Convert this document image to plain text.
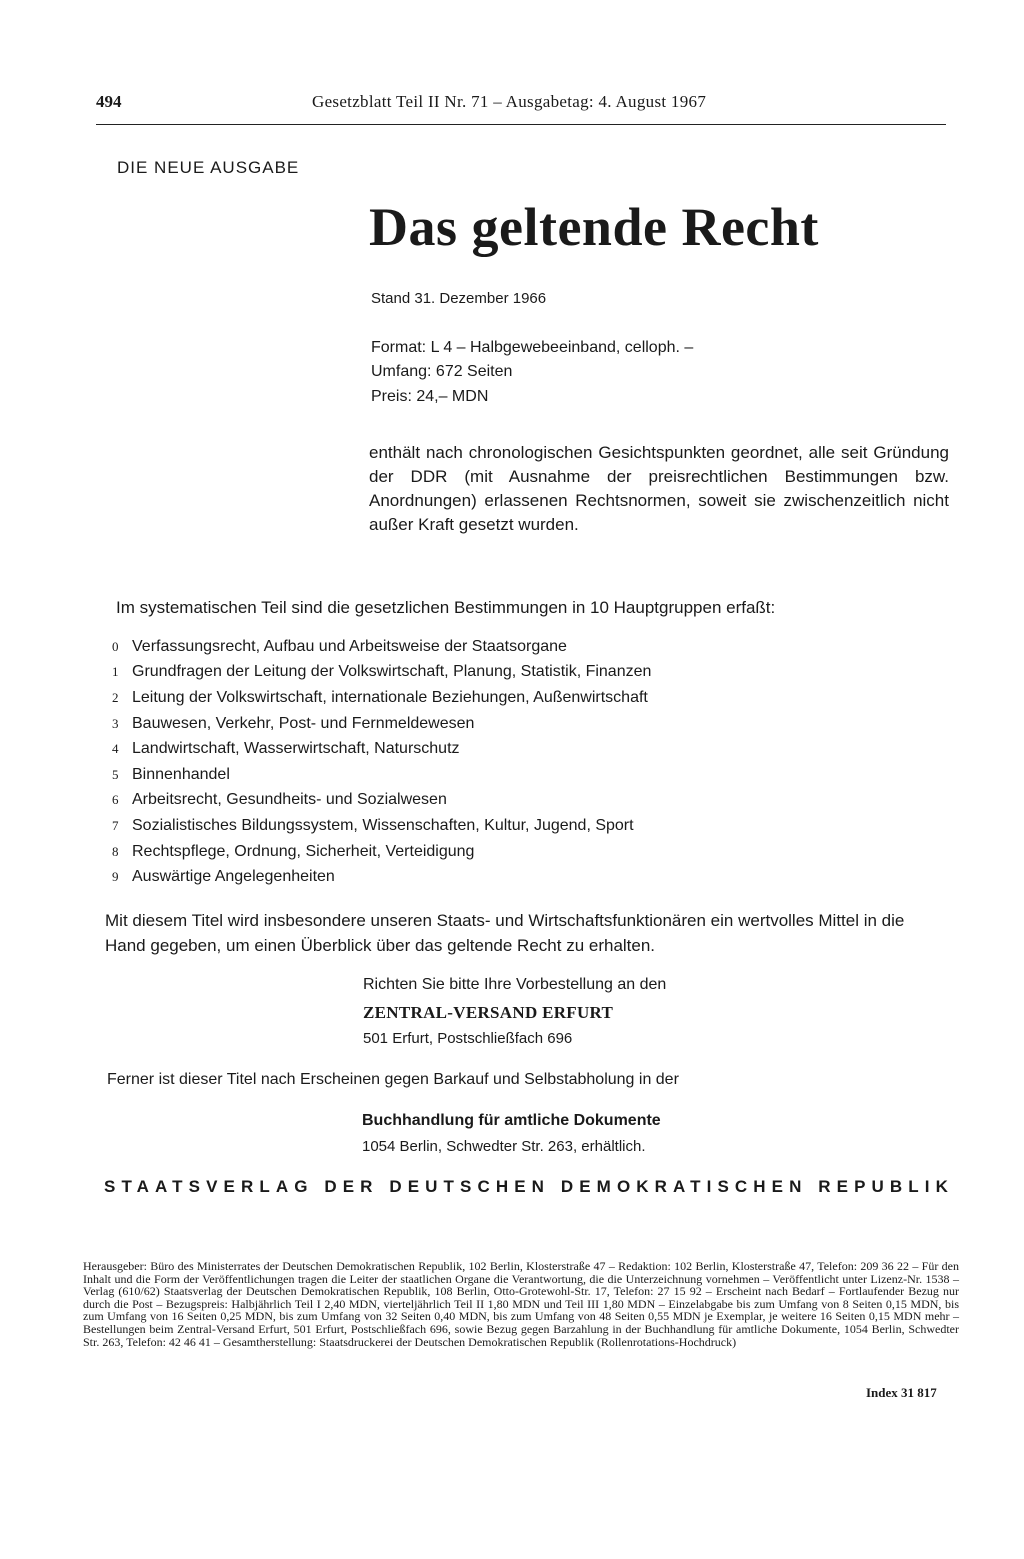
494	Gesetzblatt Teil II Nr. 71 – Ausgabetag: 4. August 1967
DIE NEUE AUSGABE
Das geltende Recht
Stand 31. Dezember 1966
Format: L 4 – Halbgewebeeinband, celloph. –
Umfang: 672 Seiten
Preis: 24,– MDN
enthält nach chronologischen Gesichtspunkten geordnet, alle seit Gründung der DDR (mit Ausnahme der preisrechtlichen Bestimmungen bzw. Anordnungen) erlassenen Rechtsnormen, soweit sie zwischenzeitlich nicht außer Kraft gesetzt wurden.
Im systematischen Teil sind die gesetzlichen Bestimmungen in 10 Hauptgruppen erfaßt:
0 Verfassungsrecht, Aufbau und Arbeitsweise der Staatsorgane
1 Grundfragen der Leitung der Volkswirtschaft, Planung, Statistik, Finanzen
2 Leitung der Volkswirtschaft, internationale Beziehungen, Außenwirtschaft
3 Bauwesen, Verkehr, Post- und Fernmeldewesen
4 Landwirtschaft, Wasserwirtschaft, Naturschutz
5 Binnenhandel
6 Arbeitsrecht, Gesundheits- und Sozialwesen
7 Sozialistisches Bildungssystem, Wissenschaften, Kultur, Jugend, Sport
8 Rechtspflege, Ordnung, Sicherheit, Verteidigung
9 Auswärtige Angelegenheiten
Mit diesem Titel wird insbesondere unseren Staats- und Wirtschaftsfunktionären ein wertvolles Mittel in die Hand gegeben, um einen Überblick über das geltende Recht zu erhalten.
Richten Sie bitte Ihre Vorbestellung an den
ZENTRAL-VERSAND ERFURT
501 Erfurt, Postschließfach 696
Ferner ist dieser Titel nach Erscheinen gegen Barkauf und Selbstabholung in der
Buchhandlung für amtliche Dokumente
1054 Berlin, Schwedter Str. 263, erhältlich.
STAATSVERLAG DER DEUTSCHEN DEMOKRATISCHEN REPUBLIK
Herausgeber: Büro des Ministerrates der Deutschen Demokratischen Republik, 102 Berlin, Klosterstraße 47 – Redaktion: 102 Berlin, Klosterstraße 47, Telefon: 209 36 22 – Für den Inhalt und die Form der Veröffentlichungen tragen die Leiter der staatlichen Organe die Verantwortung, die die Unterzeichnung vornehmen – Veröffentlicht unter Lizenz-Nr. 1538 – Verlag (610/62) Staatsverlag der Deutschen Demokratischen Republik, 108 Berlin, Otto-Grotewohl-Str. 17, Telefon: 27 15 92 – Erscheint nach Bedarf – Fortlaufender Bezug nur durch die Post – Bezugspreis: Halbjährlich Teil I 2,40 MDN, vierteljährlich Teil II 1,80 MDN und Teil III 1,80 MDN – Einzelabgabe bis zum Umfang von 8 Seiten 0,15 MDN, bis zum Umfang von 16 Seiten 0,25 MDN, bis zum Umfang von 32 Seiten 0,40 MDN, bis zum Umfang von 48 Seiten 0,55 MDN je Exemplar, je weitere 16 Seiten 0,15 MDN mehr – Bestellungen beim Zentral-Versand Erfurt, 501 Erfurt, Postschließfach 696, sowie Bezug gegen Barzahlung in der Buchhandlung für amtliche Dokumente, 1054 Berlin, Schwedter Str. 263, Telefon: 42 46 41 – Gesamtherstellung: Staatsdruckerei der Deutschen Demokratischen Republik (Rollenrotations-Hochdruck)
Index 31 817
